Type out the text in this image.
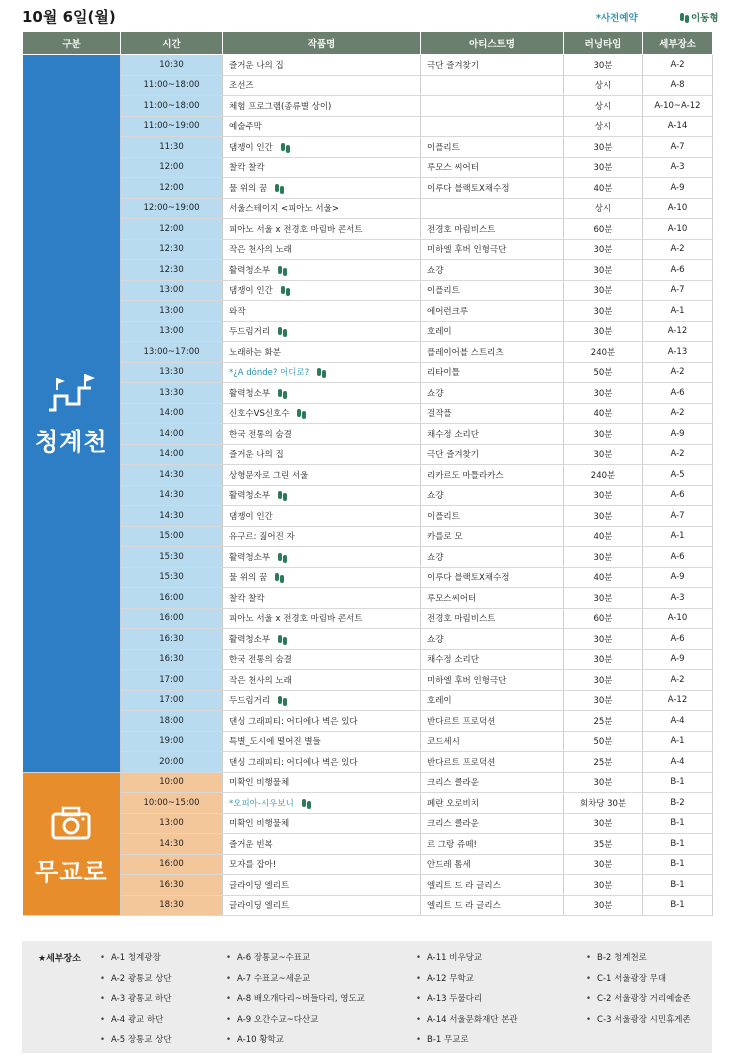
10월 6일(월)	*사전예약	이동형
구분	시간	작품명	아티스트명	러닝타임	세부장소

청계천	10:30	즐거운 나의 집	극단 즐겨찾기	30분	A-2
	11:00~18:00	조선즈		상시	A-8
	11:00~18:00	체험 프로그램(종류별 상이)		상시	A-10~A-12
	11:00~19:00	예술주막		상시	A-14
	11:30	댐쟁이 인간	이플리트	30분	A-7
	12:00	찰칵 찰칵	루모스 씨어터	30분	A-3
	12:00	물 위의 꿈	이루다 블랙토X채수정	40분	A-9
	12:00~19:00	서울스테이지 <피아노 서울>		상시	A-10
	12:00	피아노 서울 x 전경호 마림바 콘서트	전경호 마림비스트	60분	A-10
	12:30	작은 천사의 노래	미하엘 후버 인형극단	30분	A-2
	12:30	활력청소부	쇼걍	30분	A-6
	13:00	댐쟁이 인간	이플리트	30분	A-7
	13:00	와작	에어런크루	30분	A-1
	13:00	두드림거리	호레이	30분	A-12
	13:00~17:00	노래하는 화분	플레이어블 스트리츠	240분	A-13
	13:30	*¿A dónde? 어디로?	리타이틀	50분	A-2
	13:30	활력청소부	쇼걍	30분	A-6
	14:00	신호수VS신호수	걸작플	40분	A-2
	14:00	한국 전통의 숨결	채수정 소리단	30분	A-9
	14:00	즐거운 나의 집	극단 즐겨찾기	30분	A-2
	14:30	상형문자로 그린 서울	리카르도 마틀라카스	240분	A-5
	14:30	활력청소부	쇼걍	30분	A-6
	14:30	댐쟁이 인간	이플리트	30분	A-7
	15:00	유구르: 짊어진 자	카를로 모	40분	A-1
	15:30	활력청소부	쇼걍	30분	A-6
	15:30	물 위의 꿈	이루다 블랙토X채수정	40분	A-9
	16:00	찰칵 찰칵	루모스씨어터	30분	A-3
	16:00	피아노 서울 x 전경호 마림바 콘서트	전경호 마림비스트	60분	A-10
	16:30	활력청소부	쇼걍	30분	A-6
	16:30	한국 전통의 숨결	채수정 소리단	30분	A-9
	17:00	작은 천사의 노래	미하엘 후버 인형극단	30분	A-2
	17:00	두드림거리	호레이	30분	A-12
	18:00	댄싱 그래피티: 어디에나 벽은 있다	반다르트 프로덕션	25분	A-4
	19:00	특별_도시에 떨어진 별들	코드세시	50분	A-1
	20:00	댄싱 그래피티: 어디에나 벽은 있다	반다르트 프로덕션	25분	A-4

무교로	10:00	미확인 비행물체	크리스 클라운	30분	B-1
	10:00~15:00	*오피아-시우보니	페란 오로비치	회차당 30분	B-2
	13:00	미확인 비행물체	크리스 클라운	30분	B-1
	14:30	즐거운 빈복	르 그랑 쥬떼!	35분	B-1
	16:00	모자를 잡아!	안드레 톰세	30분	B-1
	16:30	글라이딩 엘리트	엘리트 드 라 글리스	30분	B-1
	18:30	글라이딩 엘리트	엘리트 드 라 글리스	30분	B-1
★세부장소	• A-1 청계광장
• A-2 광통교 상단
• A-3 광통교 하단
• A-4 광교 하단
• A-5 장통교 상단
• A-6 장통교~수표교
• A-7 수표교~세운교
• A-8 배오개다리~버들다리, 영도교
• A-9 오간수교~다산교
• A-10 황학교
• A-11 비우당교
• A-12 무학교
• A-13 두물다리
• A-14 서울문화재단 본관
• B-1 무교로
• B-2 청계천로
• C-1 서울광장 무대
• C-2 서울광장 거리예술존
• C-3 서울광장 시민휴게존
